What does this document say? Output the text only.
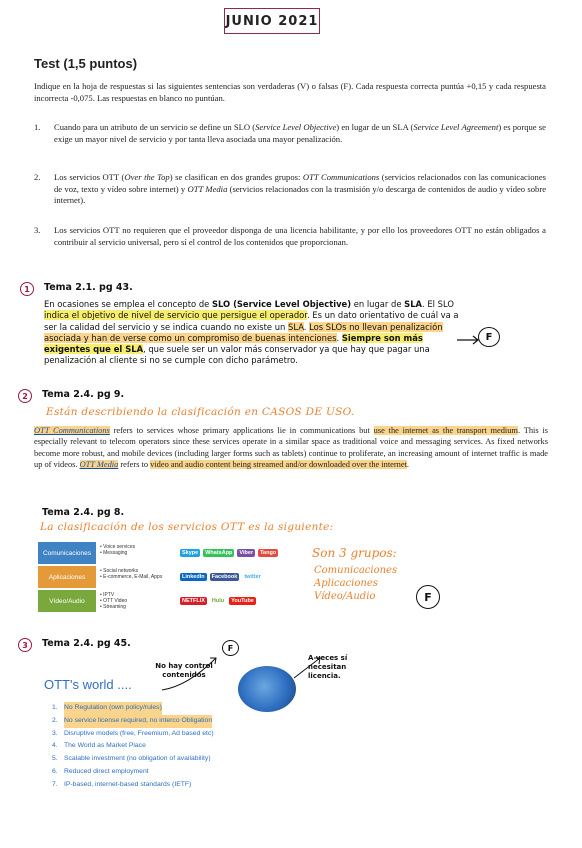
JUNIO 2021
Test (1,5 puntos)
Indique en la hoja de respuestas si las siguientes sentencias son verdaderas (V) o falsas (F). Cada respuesta correcta puntúa +0,15 y cada respuesta incorrecta -0,075. Las respuestas en blanco no puntúan.
1.	Cuando para un atributo de un servicio se define un SLO (Service Level Objective) en lugar de un SLA (Service Level Agreement) es porque se exige un mayor nivel de servicio y por tanta lleva asociada una mayor penalización.
2.	Los servicios OTT (Over the Top) se clasifican en dos grandes grupos: OTT Communications (servicios relacionados con las comunicaciones de voz, texto y vídeo sobre internet) y OTT Media (servicios relacionados con la trasmisión y/o descarga de contenidos de audio y vídeo sobre internet).
3.	Los servicios OTT no requieren que el proveedor disponga de una licencia habilitante, y por ello los proveedores OTT no están obligados a contribuir al servicio universal, pero sí el control de los contenidos que proporcionan.
1	Tema 2.1. pg 43.
En ocasiones se emplea el concepto de SLO (Service Level Objective) en lugar de SLA. El SLO indica el objetivo de nivel de servicio que persigue el operador. Es un dato orientativo de cuál va a ser la calidad del servicio y se indica cuando no existe un SLA. Los SLOs no llevan penalización asociada y han de verse como un compromiso de buenas intenciones. Siempre son más exigentes que el SLA, que suele ser un valor más conservador ya que hay que pagar una penalización al cliente si no se cumple con dicho parámetro.
F
2	Tema 2.4. pg 9.
Están describiendo la clasificación en CASOS DE USO.
OTT Communications refers to services whose primary applications lie in communications but use the internet as the transport medium. This is especially relevant to telecom operators since these services operate in a similar space as traditional voice and messaging services. As fixed networks become more robust, and mobile devices (including larger forms such as tablets) continue to proliferate, an increasing amount of internet traffic is made up of videos. OTT Media refers to video and audio content being streamed and/or downloaded over the internet.
Tema 2.4. pg 8.
La clasificación de los servicios OTT es la siguiente:
Comunicaciones
• Voice services
• Messaging	Skype	WhatsApp	Viber	Tango
Aplicaciones
• Social networks
• E-commerce, E-Mail, Apps	LinkedIn	Facebook	twitter
Vídeo/Audio
• IPTV
• OTT Video
• Streaming
NETFLIX	Hulu	YouTube
Son 3 grupos:
Comunicaciones
Aplicaciones
Vídeo/Audio	F
3	Tema 2.4. pg 45.	F
No hay control contenidos
A veces sí
necesitan licencia.
OTT's world ....
1. No Regulation (own policy/rules)
2. No service license required, no interco Obligation
3. Disruptive models (free, Freemium, Ad based etc)
4. The World as Market Place
5. Scalable investment (no obligation of availability)
6. Reduced direct employment
7. IP-based, internet-based standards (IETF)
